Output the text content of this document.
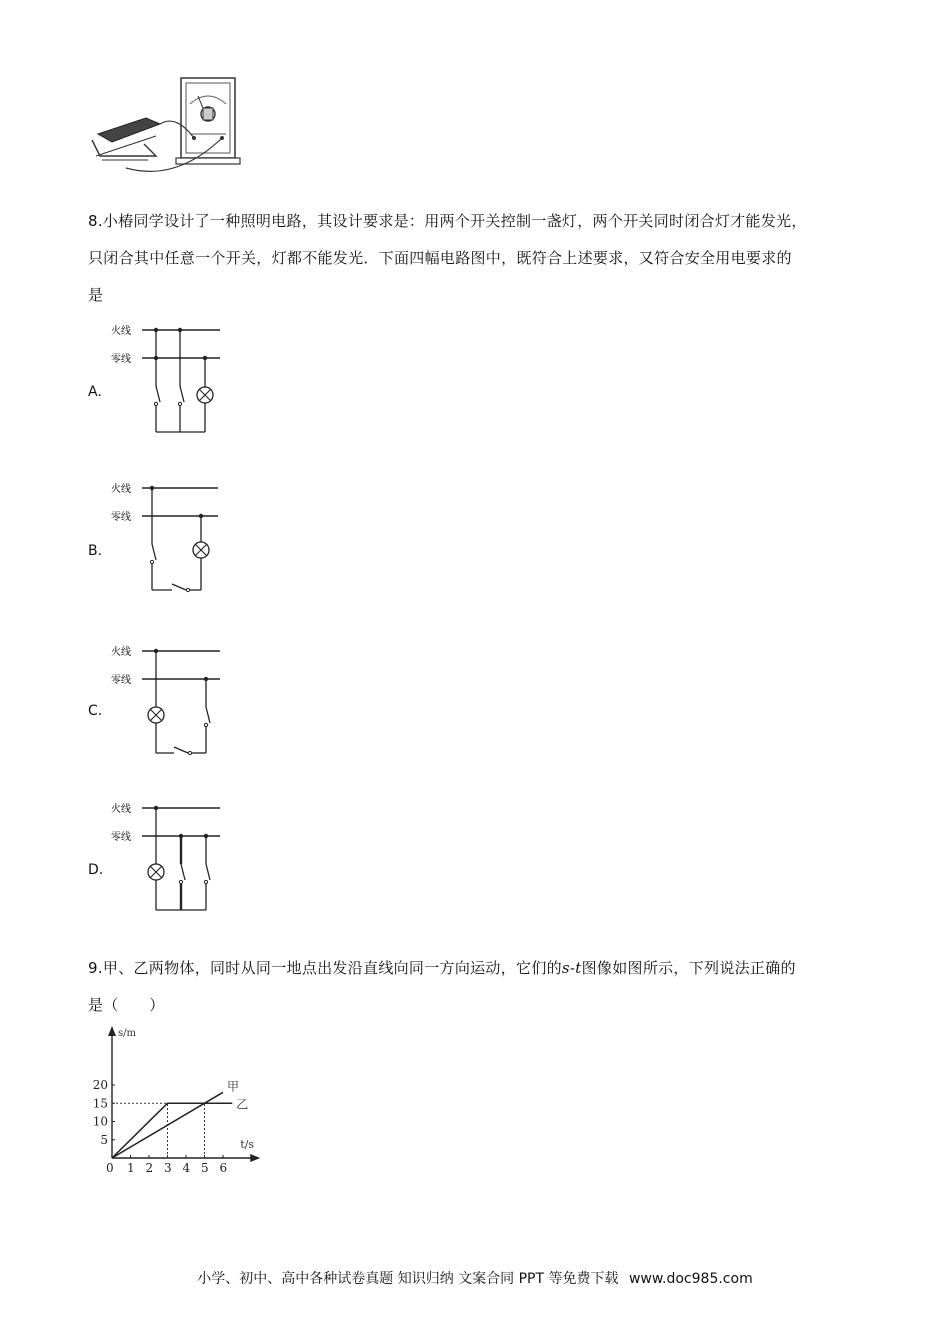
8.小椿同学设计了一种照明电路，其设计要求是：用两个开关控制一盏灯，两个开关同时闭合灯才能发光，
只闭合其中任意一个开关，灯都不能发光．下面四幅电路图中，既符合上述要求，又符合安全用电要求的
是
A.
火线
零线
B.
火线
零线
C.
火线
零线
D.
火线
零线
9.甲、乙两物体，同时从同一地点出发沿直线向同一方向运动，它们的s-t图像如图所示，下列说法正确的
是（　　）
s/m
t/s
0 1 2 3 4 5 6
5
10
15
20	甲
乙
小学、初中、高中各种试卷真题 知识归纳 文案合同 PPT 等免费下载 www.doc985.com
